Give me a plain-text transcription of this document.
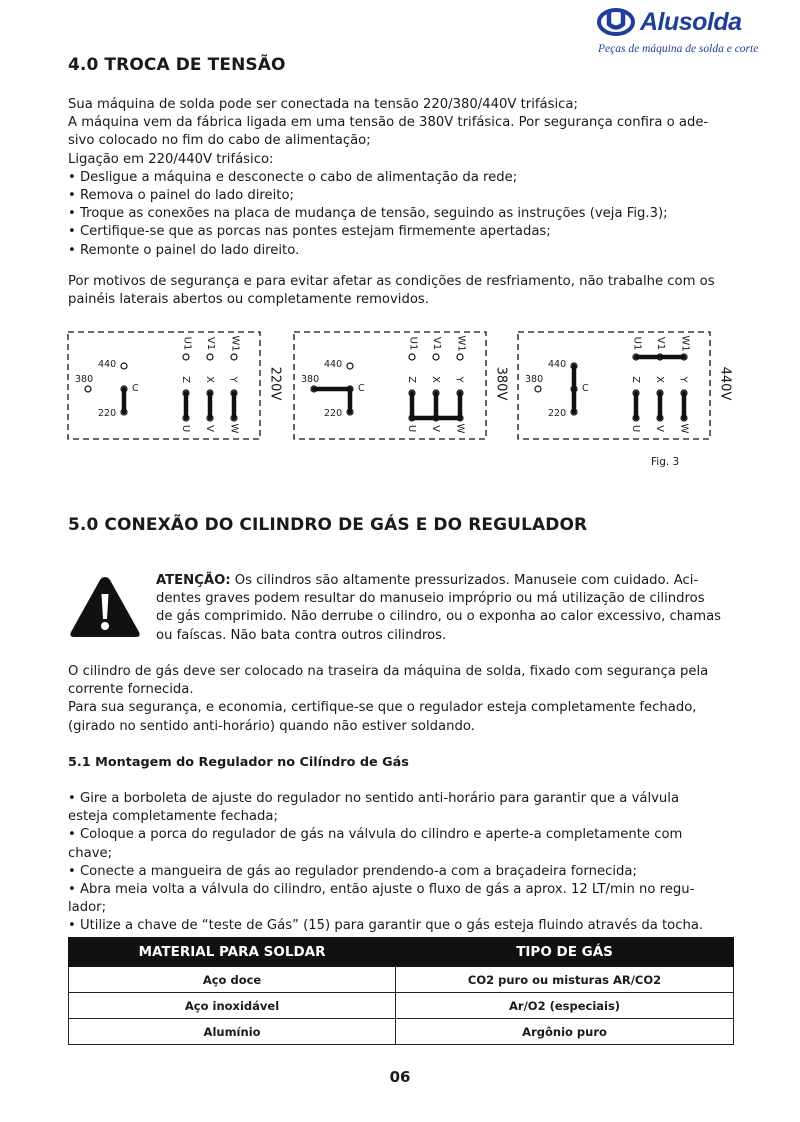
Alusolda
Peças de máquina de solda e corte
4.0 TROCA DE TENSÃO

Sua máquina de solda pode ser conectada na tensão 220/380/440V trifásica;

A máquina vem da fábrica ligada em uma tensão de 380V trifásica. Por segurança confira o ade-

sivo colocado no fim do cabo de alimentação;

Ligação em 220/440V trifásico:

• Desligue a máquina e desconecte o cabo de alimentação da rede;

• Remova o painel do lado direito;

• Troque as conexões na placa de mudança de tensão, seguindo as instruções (veja Fig.3);

• Certifique-se que as porcas nas pontes estejam firmemente apertadas;

• Remonte o painel do lado direito.

Por motivos de segurança e para evitar afetar as condições de resfriamento, não trabalhe com os

painéis laterais abertos ou completamente removidos.

440
380
C
220
U1 V1 W1
Z X Y
U V W
220V
440
380
C
220
U1 V1 W1
Z X Y
U V W
380V
440
380
C
220
U1 V1 W1
Z X Y
U V W
440V
Fig. 3
5.0 CONEXÃO DO CILINDRO DE GÁS E DO REGULADOR

ATENÇÃO: Os cilindros são altamente pressurizados. Manuseie com cuidado. Aci-

dentes graves podem resultar do manuseio impróprio ou má utilização de cilindros

de gás comprimido. Não derrube o cilindro, ou o exponha ao calor excessivo, chamas

ou faíscas. Não bata contra outros cilindros.

O cilindro de gás deve ser colocado na traseira da máquina de solda, fixado com segurança pela

corrente fornecida.

Para sua segurança, e economia, certifique-se que o regulador esteja completamente fechado,

(girado no sentido anti-horário) quando não estiver soldando.

5.1 Montagem do Regulador no Cilíndro de Gás

• Gire a borboleta de ajuste do regulador no sentido anti-horário para garantir que a válvula

esteja completamente fechada;

• Coloque a porca do regulador de gás na válvula do cilindro e aperte-a completamente com

chave;

• Conecte a mangueira de gás ao regulador prendendo-a com a braçadeira fornecida;

• Abra meia volta a válvula do cilindro, então ajuste o fluxo de gás a aprox. 12 LT/min no regu-

lador;

• Utilize a chave de “teste de Gás” (15) para garantir que o gás esteja fluindo através da tocha.

MATERIAL PARA SOLDAR	TIPO DE GÁS
Aço doce	CO2 puro ou misturas AR/CO2
Aço inoxidável	Ar/O2 (especiais)
Alumínio	Argônio puro
06
